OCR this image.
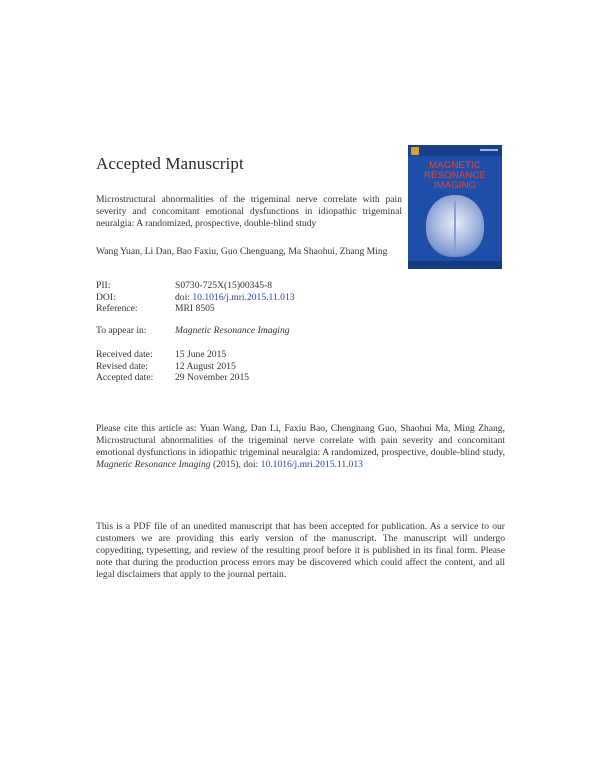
Accepted Manuscript	MAGNETIC
RESONANCE
IMAGING
Microstructural abnormalities of the trigeminal nerve correlate with pain severity and concomitant emotional dysfunctions in idiopathic trigeminal neuralgia: A randomized, prospective, double-blind study
Wang Yuan, Li Dan, Bao Faxiu, Guo Chenguang, Ma Shaohui, Zhang Ming
PII:	S0730-725X(15)00345-8
DOI:	doi: 10.1016/j.mri.2015.11.013
Reference:	MRI 8505
To appear in:	Magnetic Resonance Imaging
Received date:	15 June 2015
Revised date:	12 August 2015
Accepted date:	29 November 2015
Please cite this article as: Yuan Wang, Dan Li, Faxiu Bao, Chengnang Guo, Shaohui Ma, Ming Zhang, Microstructural abnormalities of the trigeminal nerve correlate with pain severity and concomitant emotional dysfunctions in idiopathic trigeminal neuralgia: A randomized, prospective, double-blind study, Magnetic Resonance Imaging (2015), doi: 10.1016/j.mri.2015.11.013
This is a PDF file of an unedited manuscript that has been accepted for publication. As a service to our customers we are providing this early version of the manuscript. The manuscript will undergo copyediting, typesetting, and review of the resulting proof before it is published in its final form. Please note that during the production process errors may be discovered which could affect the content, and all legal disclaimers that apply to the journal pertain.
